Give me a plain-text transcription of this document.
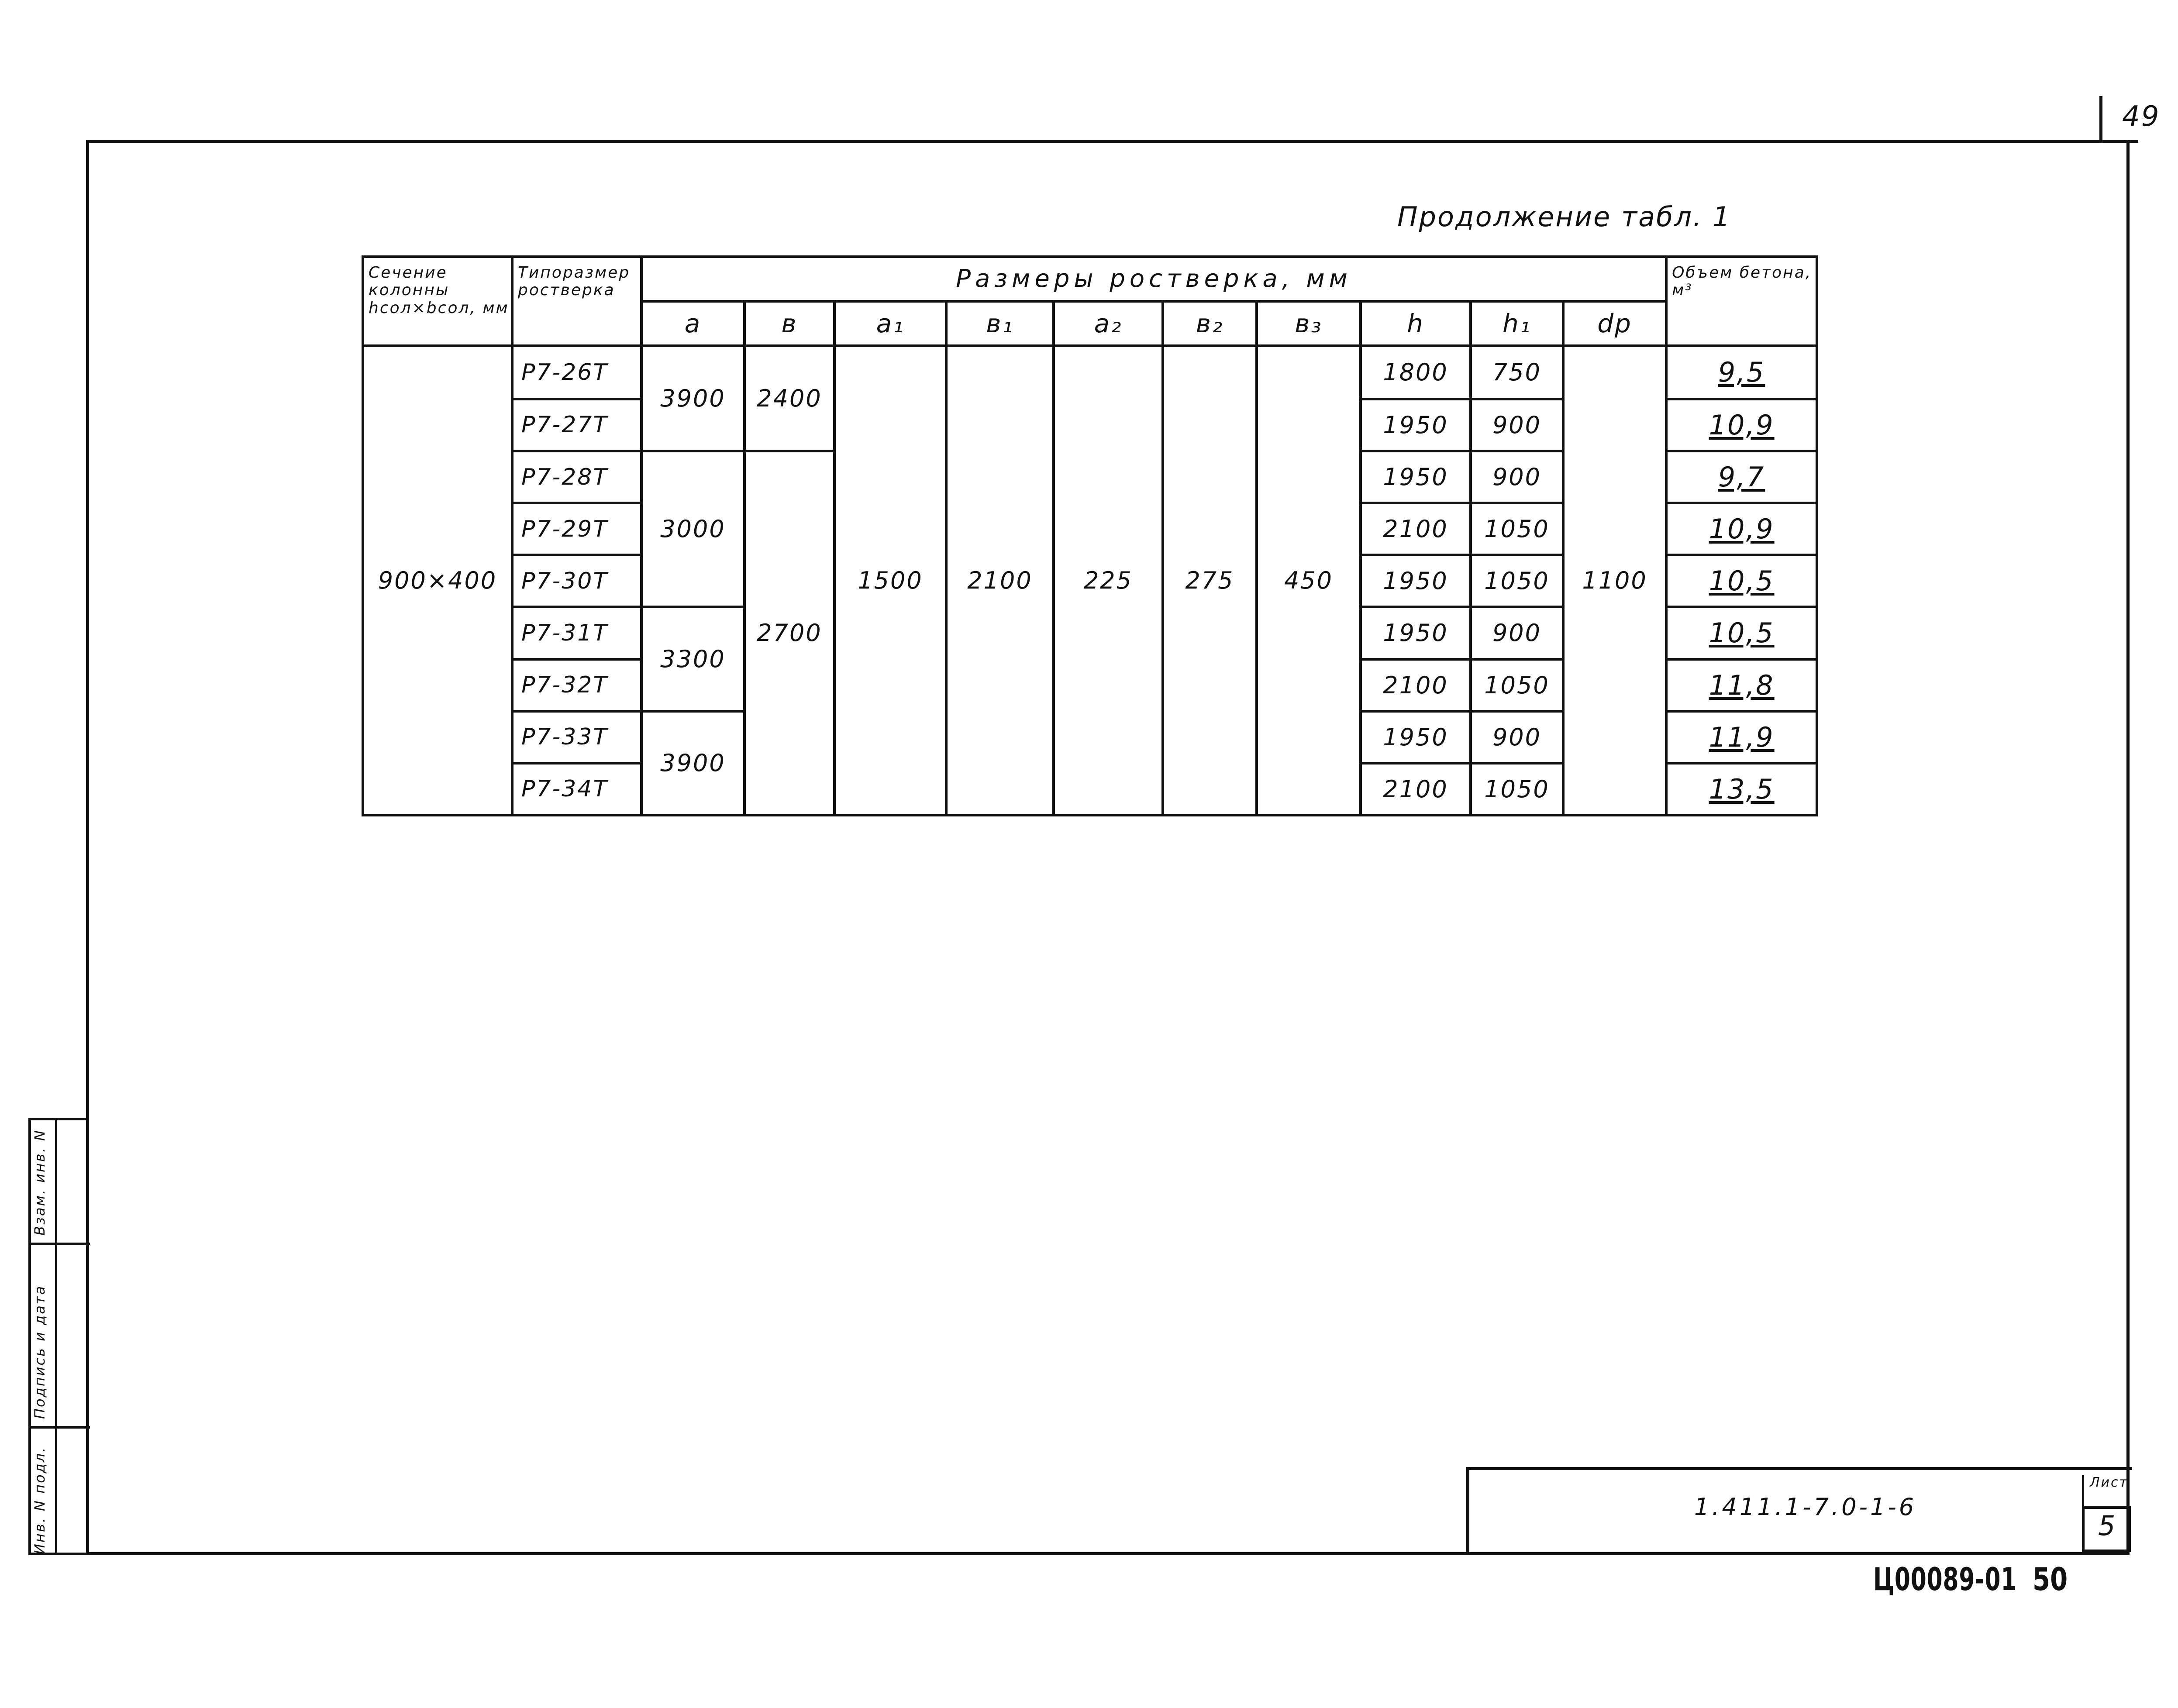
49
Инв. N подл.
Подпись и дата
Взам. инв. N
Продолжение табл. 1
Сечение колонны hсол×bсол, мм	Типоразмер ростверка	Размеры ростверка, мм										Объем бетона, м³
		a	в	a₁	в₁	a₂	в₂	в₃	h	h₁	dр	
900×400	Р7-26Т	3900	2400	1500	2100	225	275	450	1800	750	1100	9,5
	Р7-27Т								1950	900		10,9
	Р7-28Т	3000	2700						1950	900		9,7
	Р7-29Т								2100	1050		10,9
	Р7-30Т								1950	1050		10,5
	Р7-31Т	3300							1950	900		10,5
	Р7-32Т								2100	1050		11,8
	Р7-33Т	3900							1950	900		11,9
	Р7-34Т								2100	1050		13,5
1.411.1-7.0-1-6
Лист
5
Ц00089-01 50
